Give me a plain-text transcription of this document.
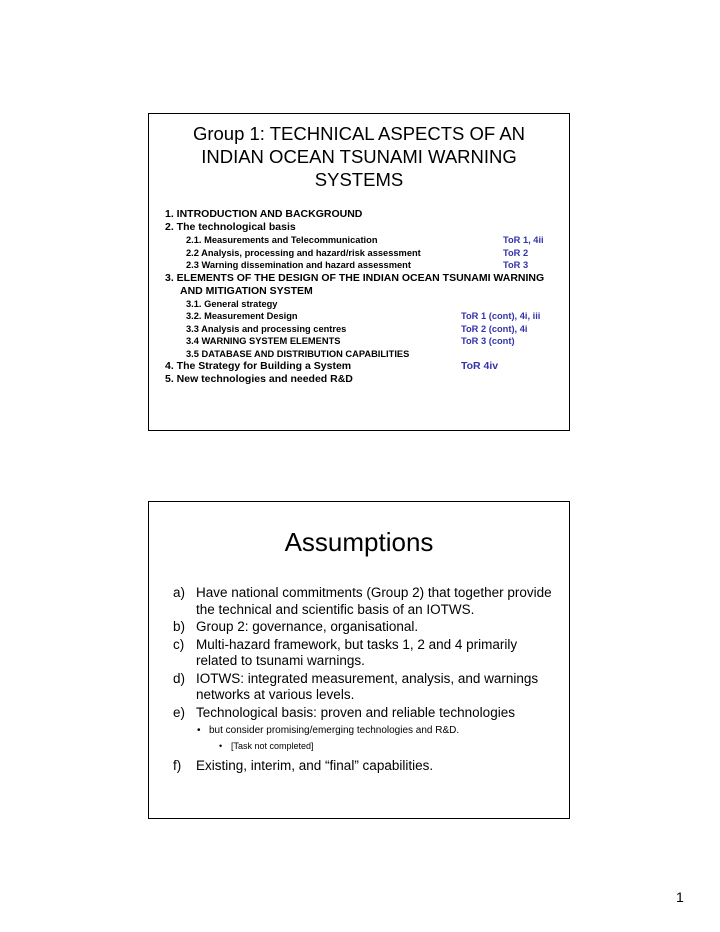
Group 1: TECHNICAL ASPECTS OF AN
INDIAN OCEAN TSUNAMI WARNING
SYSTEMS
1. INTRODUCTION AND BACKGROUND
2. The technological basis
2.1. Measurements and Telecommunication	ToR 1, 4ii
2.2 Analysis, processing and hazard/risk assessment	ToR 2
2.3 Warning dissemination and hazard assessment	ToR 3
3. ELEMENTS OF THE DESIGN OF THE INDIAN OCEAN TSUNAMI WARNING AND MITIGATION SYSTEM
3.1. General strategy
3.2. Measurement Design	ToR 1 (cont), 4i, iii
3.3 Analysis and processing centres	ToR 2 (cont), 4i
3.4 WARNING SYSTEM ELEMENTS	ToR 3 (cont)
3.5 DATABASE AND DISTRIBUTION CAPABILITIES
4. The Strategy for Building a System	ToR 4iv
5. New technologies and needed R&D
Assumptions
a) Have national commitments (Group 2) that together provide the technical and scientific basis of an IOTWS.
b) Group 2: governance, organisational.
c) Multi-hazard framework, but tasks 1, 2 and 4 primarily related to tsunami warnings.
d) IOTWS: integrated measurement, analysis, and warnings networks at various levels.
e) Technological basis: proven and reliable technologies
• but consider promising/emerging technologies and R&D.
• [Task not completed]
f) Existing, interim, and “final” capabilities.
1
